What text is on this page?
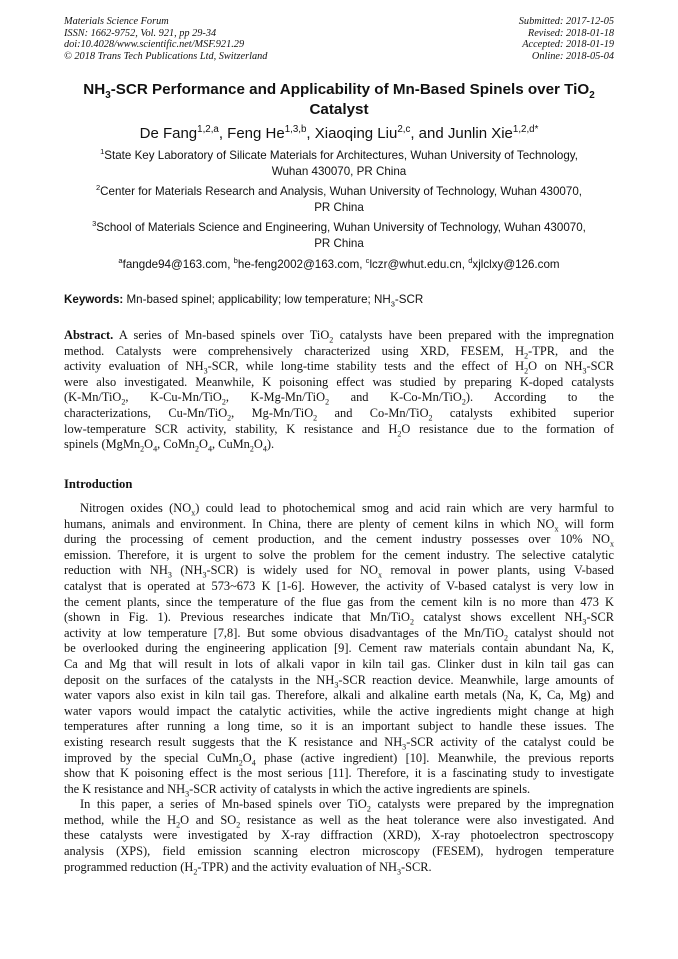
Materials Science Forum
ISSN: 1662-9752, Vol. 921, pp 29-34
doi:10.4028/www.scientific.net/MSF.921.29
© 2018 Trans Tech Publications Ltd, Switzerland
Submitted: 2017-12-05
Revised: 2018-01-18
Accepted: 2018-01-19
Online: 2018-05-04
$NH_3$-SCR Performance and Applicability of Mn-Based Spinels over TiO$_2$
Catalyst
De Fang$^{1,2,a}$, Feng He$^{1,3,b}$, Xiaoqing Liu$^{2,c}$, and Junlin Xie$^{1,2,d*}$
$^1$State Key Laboratory of Silicate Materials for Architectures, Wuhan University of Technology,
Wuhan 430070, PR China
$^2$Center for Materials Research and Analysis, Wuhan University of Technology, Wuhan 430070,
PR China
$^3$School of Materials Science and Engineering, Wuhan University of Technology, Wuhan 430070,
PR China
$^a$fangde94@163.com, $^b$he-feng2002@163.com, $^c$lczr@whut.edu.cn, $^d$xjlclxy@126.com
Keywords: Mn-based spinel; applicability; low temperature; $NH_3$-SCR
Abstract. A series of Mn-based spinels over TiO$_2$ catalysts have been prepared with the impregnation
method. Catalysts were comprehensively characterized using XRD, FESEM, $H_2$-TPR, and the
activity evaluation of $NH_3$-SCR, while long-time stability tests and the effect of $H_2O$ on $NH_3$-SCR
were also investigated. Meanwhile, K poisoning effect was studied by preparing K-doped catalysts
(K-Mn/TiO$_2$, K-Cu-Mn/TiO$_2$, K-Mg-Mn/TiO$_2$ and K-Co-Mn/TiO$_2$). According to the
characterizations, Cu-Mn/TiO$_2$, Mg-Mn/TiO$_2$ and Co-Mn/TiO$_2$ catalysts exhibited superior
low-temperature SCR activity, stability, K resistance and $H_2O$ resistance due to the formation of
spinels ($MgMn_2O_4$, $CoMn_2O_4$, $CuMn_2O_4$).
Introduction
Nitrogen oxides $(NO_x)$ could lead to photochemical smog and acid rain which are very harmful to
humans, animals and environment. In China, there are plenty of cement kilns in which $NO_x$ will form
during the processing of cement production, and the cement industry possesses over 10% $NO_x$
emission. Therefore, it is urgent to solve the problem for the cement industry. The selective catalytic
reduction with $NH_3$ $(NH_3-SCR)$ is widely used for $NO_x$ removal in power plants, using V-based
catalyst that is operated at 573~673 K [1-6]. However, the activity of V-based catalyst is very low in
the cement plants, since the temperature of the flue gas from the cement kiln is no more than 473 K
(shown in Fig. 1). Previous researches indicate that Mn/TiO$_2$ catalyst shows excellent $NH_3$-SCR
activity at low temperature [7,8]. But some obvious disadvantages of the Mn/TiO$_2$ catalyst should not
be overlooked during the engineering application [9]. Cement raw materials contain abundant Na, K,
Ca and Mg that will result in lots of alkali vapor in kiln tail gas. Clinker dust in kiln tail gas can
deposit on the surfaces of the catalysts in the $NH_3$-SCR reaction device. Meanwhile, large amounts of
water vapors also exist in kiln tail gas. Therefore, alkali and alkaline earth metals (Na, K, Ca, Mg) and
water vapors would impact the catalytic activities, while the active ingredients might change at high
temperatures after running a long time, so it is an important subject to handle these issues. The
existing research result suggests that the K resistance and $NH_3$-SCR activity of the catalyst could be
improved by the special $CuMn_2O_4$ phase (active ingredient) [10]. Meanwhile, the previous reports
show that K poisoning effect is the most serious [11]. Therefore, it is a fascinating study to investigate
the K resistance and $NH_3$-SCR activity of catalysts in which the active ingredients are spinels.
In this paper, a series of Mn-based spinels over TiO$_2$ catalysts were prepared by the impregnation
method, while the $H_2O$ and $SO_2$ resistance as well as the heat tolerance were also investigated. And
these catalysts were investigated by X-ray diffraction (XRD), X-ray photoelectron spectroscopy
analysis (XPS), field emission scanning electron microscopy (FESEM), hydrogen temperature
programmed reduction $(H_2-TPR)$ and the activity evaluation of $NH_3$-SCR.
